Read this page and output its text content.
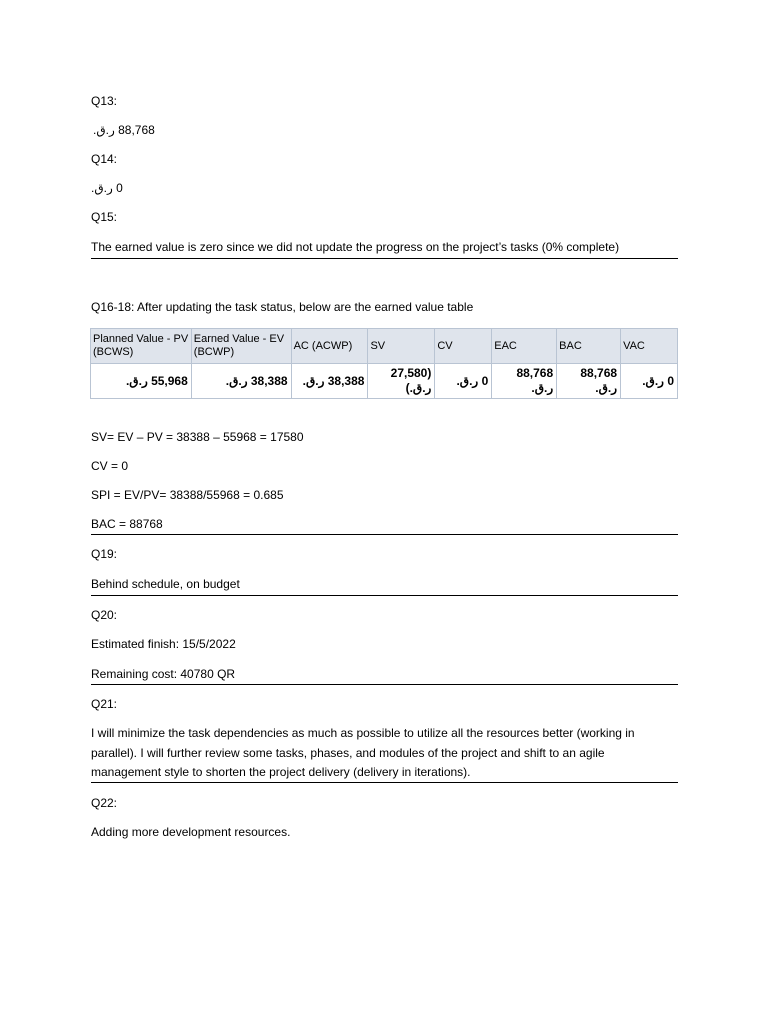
Q13:
88,768 ر.ق.
Q14:
0 ر.ق.
Q15:
The earned value is zero since we did not update the progress on the project’s tasks (0% complete)
Q16-18: After updating the task status, below are the earned value table
Planned Value - PV (BCWS)	Earned Value - EV (BCWP)	AC (ACWP)	SV	CV	EAC	BAC	VAC
55,968 ر.ق.	38,388 ر.ق.	38,388 ر.ق.	(27,580 ر.ق.)	0 ر.ق.	88,768 ر.ق.	88,768 ر.ق.	0 ر.ق.
SV= EV – PV = 38388 – 55968 = 17580
CV = 0
SPI = EV/PV= 38388/55968 = 0.685
BAC = 88768
Q19:
Behind schedule, on budget
Q20:
Estimated finish: 15/5/2022
Remaining cost: 40780 QR
Q21:
I will minimize the task dependencies as much as possible to utilize all the resources better (working in parallel). I will further review some tasks, phases, and modules of the project and shift to an agile management style to shorten the project delivery (delivery in iterations).
Q22:
Adding more development resources.
